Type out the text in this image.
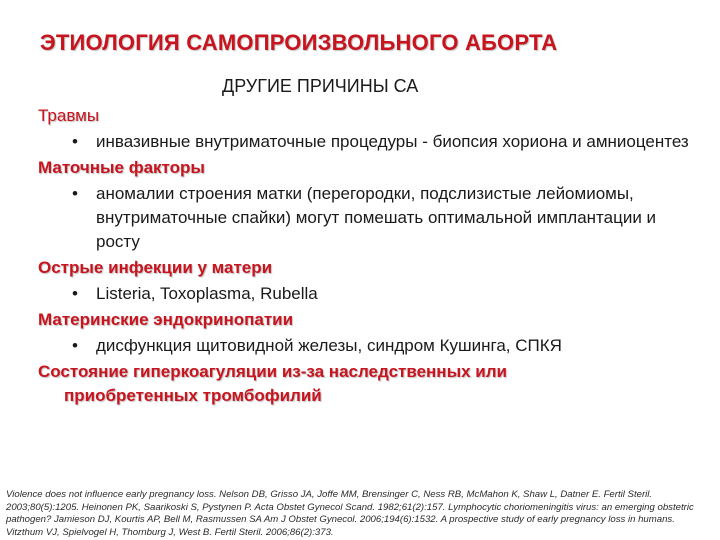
ЭТИОЛОГИЯ САМОПРОИЗВОЛЬНОГО АБОРТА
ДРУГИЕ ПРИЧИНЫ СА
Травмы
• инвазивные внутриматочные процедуры - биопсия хориона и амниоцентез
Маточные факторы
• аномалии строения матки (перегородки, подслизистые лейомиомы, внутриматочные спайки) могут помешать оптимальной имплантации и росту
Острые инфекции у матери
• Listeria, Toxoplasma, Rubella
Материнские эндокринопатии
• дисфункция щитовидной железы, синдром Кушинга, СПКЯ
Состояние гиперкоагуляции из-за наследственных или
приобретенных тромбофилий
Violence does not influence early pregnancy loss. Nelson DB, Grisso JA, Joffe MM, Brensinger C, Ness RB, McMahon K, Shaw L, Datner E. Fertil Steril. 2003;80(5):1205. Heinonen PK, Saarikoski S, Pystynen P. Acta Obstet Gynecol Scand. 1982;61(2):157. Lymphocytic choriomeningitis virus: an emerging obstetric pathogen? Jamieson DJ, Kourtis AP, Bell M, Rasmussen SA Am J Obstet Gynecol. 2006;194(6):1532. A prospective study of early pregnancy loss in humans. Vitzthum VJ, Spielvogel H, Thornburg J, West B. Fertil Steril. 2006;86(2):373.
